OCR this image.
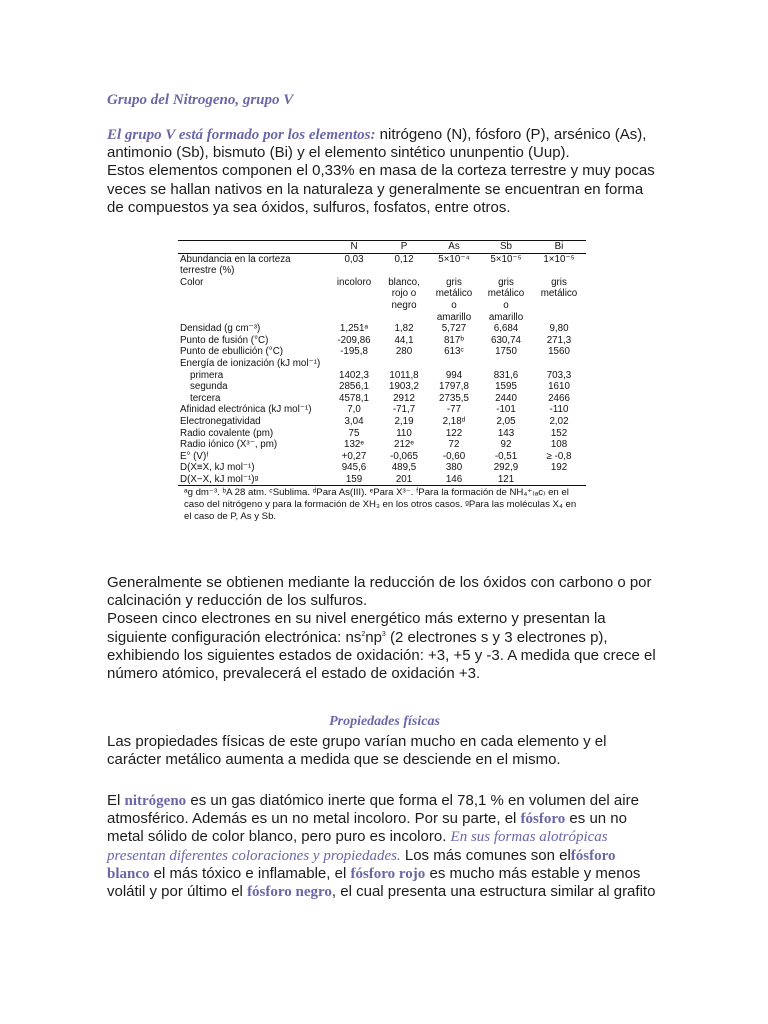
Grupo del Nitrogeno, grupo V
El grupo V está formado por los elementos: nitrógeno (N), fósforo (P), arsénico (As),
antimonio (Sb), bismuto (Bi) y el elemento sintético ununpentio (Uup).
Estos elementos componen el 0,33% en masa de la corteza terrestre y muy pocas
veces se hallan nativos en la naturaleza y generalmente se encuentran en forma
de compuestos ya sea óxidos, sulfuros, fosfatos, entre otros.
	N	P	As	Sb	Bi
Abundancia en la corteza	0,03	0,12	5×10⁻⁴	5×10⁻⁵	1×10⁻⁵
terrestre (%)					
Color	incoloro	blanco,	gris	gris	gris
		rojo o	metálico	metálico	metálico
		negro	o	o	
			amarillo	amarillo	
Densidad (g cm⁻³)	1,251ᵃ	1,82	5,727	6,684	9,80
Punto de fusión (°C)	-209,86	44,1	817ᵇ	630,74	271,3
Punto de ebullición (°C)	-195,8	280	613ᶜ	1750	1560
Energía de ionización (kJ mol⁻¹)					
primera	1402,3	1011,8	994	831,6	703,3
segunda	2856,1	1903,2	1797,8	1595	1610
tercera	4578,1	2912	2735,5	2440	2466
Afinidad electrónica (kJ mol⁻¹)	7,0	-71,7	-77	-101	-110
Electronegatividad	3,04	2,19	2,18ᵈ	2,05	2,02
Radio covalente (pm)	75	110	122	143	152
Radio iónico (X³⁻, pm)	132ᵉ	212ᵉ	72	92	108
E° (V)ᶠ	+0,27	-0,065	-0,60	-0,51	≥ -0,8
D(X≡X, kJ mol⁻¹)	945,6	489,5	380	292,9	192
D(X−X, kJ mol⁻¹)ᵍ	159	201	146	121	
ᵃg dm⁻³. ᵇA 28 atm. ᶜSublima. ᵈPara As(III). ᵉPara X³⁻. ᶠPara la formación de NH₄⁺₍ₐc₎ en el caso del nitrógeno y para la formación de XH₃ en los otros casos. ᵍPara las moléculas X₄ en el caso de P, As y Sb.
Generalmente se obtienen mediante la reducción de los óxidos con carbono o por
calcinación y reducción de los sulfuros.
Poseen cinco electrones en su nivel energético más externo y presentan la
siguiente configuración electrónica: $ns^2np^3$ (2 electrones s y 3 electrones p),
exhibiendo los siguientes estados de oxidación: +3, +5 y -3. A medida que crece el
número atómico, prevalecerá el estado de oxidación +3.
Propiedades físicas
Las propiedades físicas de este grupo varían mucho en cada elemento y el
carácter metálico aumenta a medida que se desciende en el mismo.
El nitrógeno es un gas diatómico inerte que forma el 78,1 % en volumen del aire
atmosférico. Además es un no metal incoloro. Por su parte, el fósforo es un no
metal sólido de color blanco, pero puro es incoloro. En sus formas alotrópicas
presentan diferentes coloraciones y propiedades. Los más comunes son elfósforo
blanco el más tóxico e inflamable, el fósforo rojo es mucho más estable y menos
volátil y por último el fósforo negro, el cual presenta una estructura similar al grafito
